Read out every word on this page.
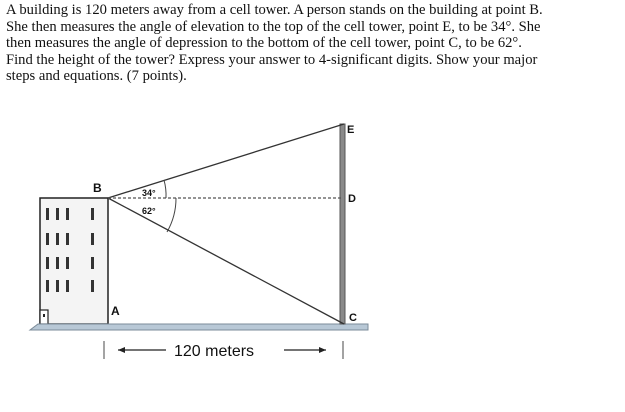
A building is 120 meters away from a cell tower. A person stands on the building at point B.
She then measures the angle of elevation to the top of the cell tower, point E, to be 34°. She
then measures the angle of depression to the bottom of the cell tower, point C, to be 62°.
Find the height of the tower? Express your answer to 4-significant digits. Show your major
steps and equations. (7 points).
B
A
E
D
C
34°
62°
120 meters
